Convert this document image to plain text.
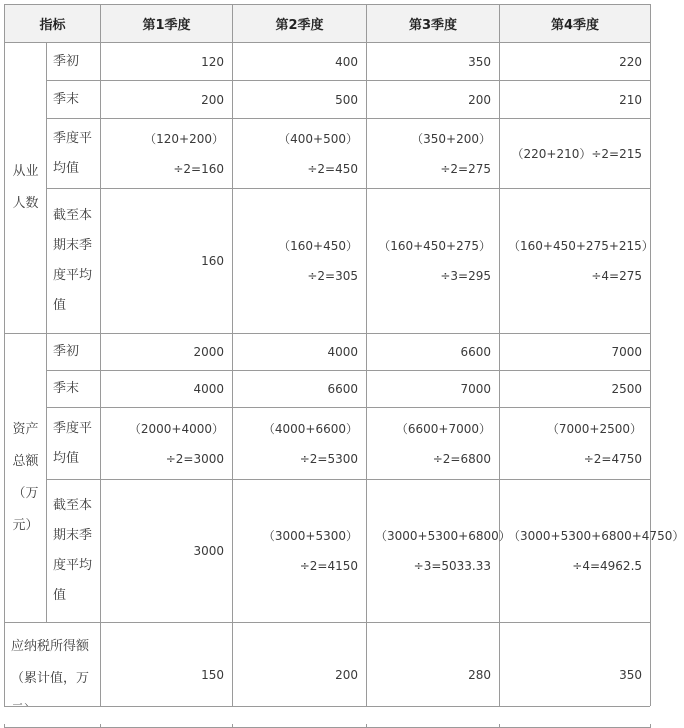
指标		第1季度	第2季度	第3季度	第4季度
从业人数	季初	120	400	350	220
	季末	200	500	200	210
	季度平均值	（120+200）÷2=160	（400+500）÷2=450	（350+200）÷2=275	（220+210）÷2=215
	截至本期末季度平均值	160	（160+450）÷2=305	（160+450+275）÷3=295	（160+450+275+215）÷4=275
资产总额（万元）	季初	2000	4000	6600	7000
	季末	4000	6600	7000	2500
	季度平均值	（2000+4000）÷2=3000	（4000+6600）÷2=5300	（6600+7000）÷2=6800	（7000+2500）÷2=4750
	截至本期末季度平均值	3000	（3000+5300）÷2=4150	（3000+5300+6800）÷3=5033.33	（3000+5300+6800+4750）÷4=4962.5
应纳税所得额（累计值，万		150	200	280	350
